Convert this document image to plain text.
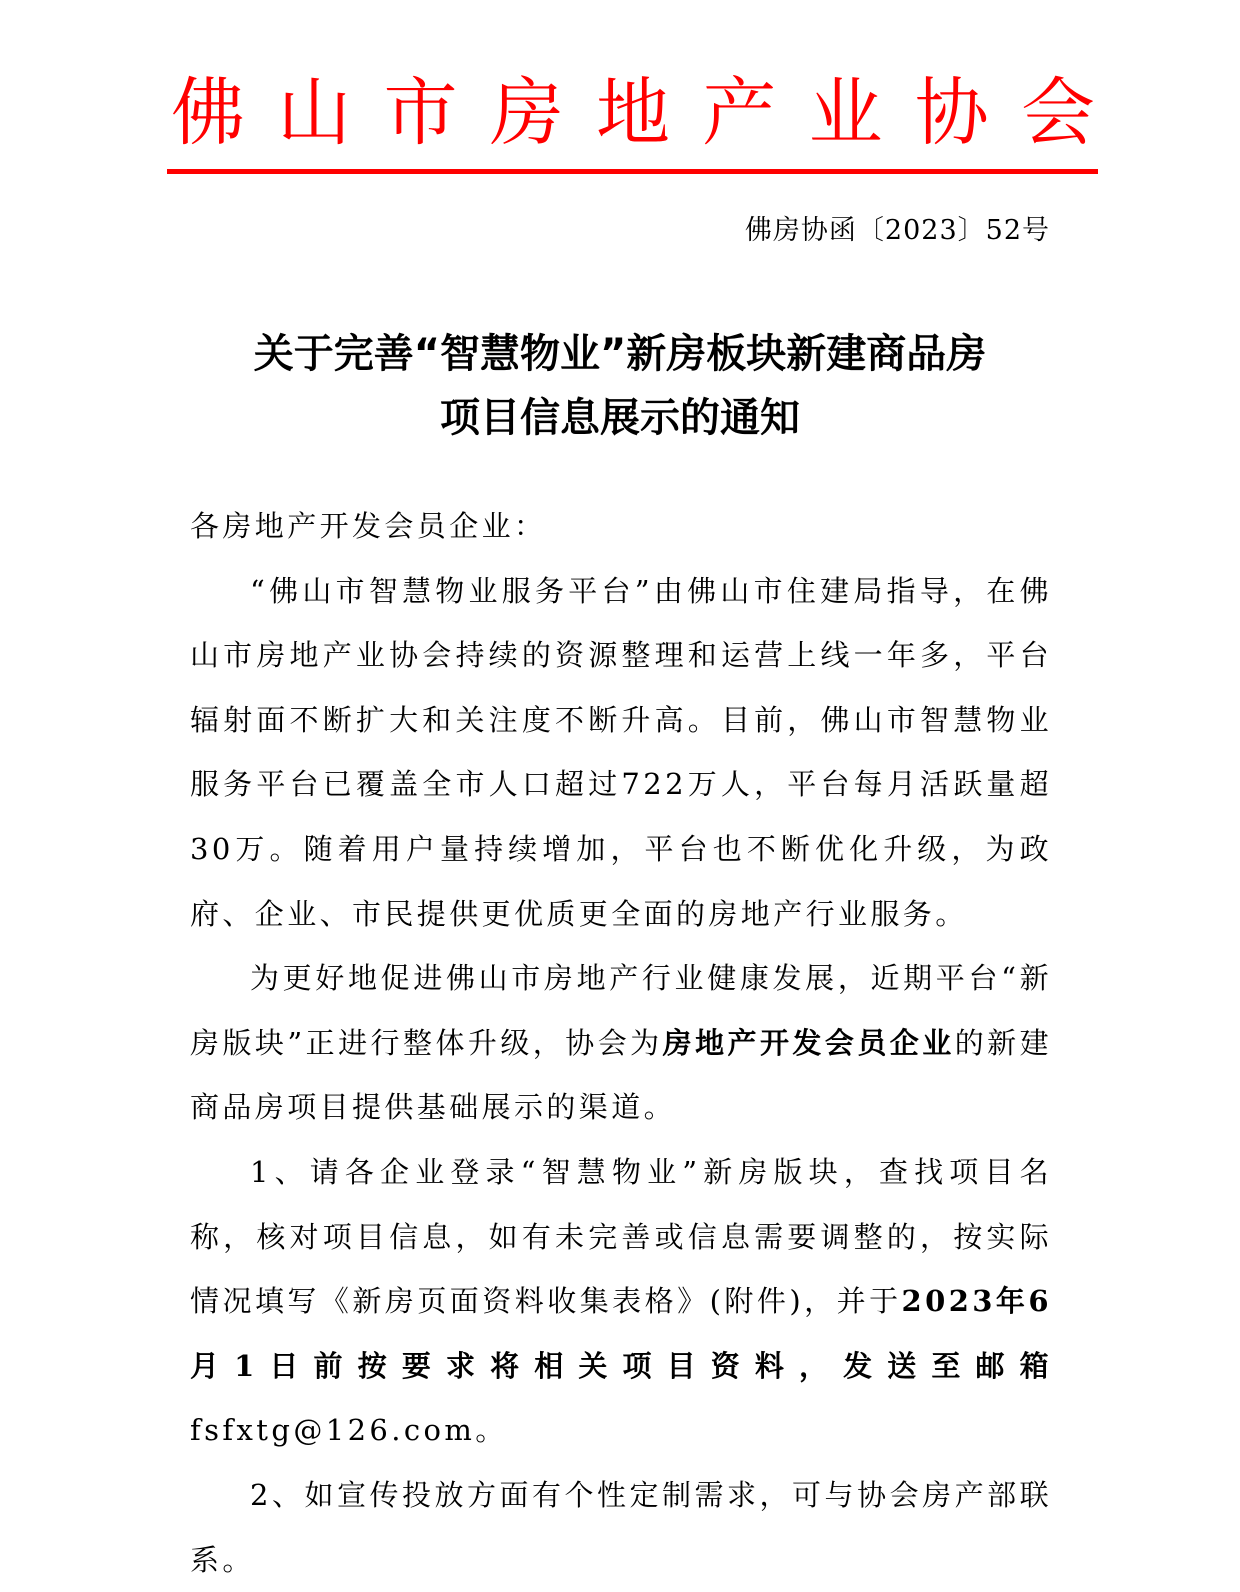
佛 山 市 房 地 产 业 协 会
佛房协函〔2023〕52号
关于完善“智慧物业”新房板块新建商品房
项目信息展示的通知

各房地产开发会员企业：

“佛山市智慧物业服务平台”由佛山市住建局指导，在佛山市房地产业协会持续的资源整理和运营上线一年多，平台辐射面不断扩大和关注度不断升高。目前，佛山市智慧物业服务平台已覆盖全市人口超过722万人，平台每月活跃量超30万。随着用户量持续增加，平台也不断优化升级，为政府、企业、市民提供更优质更全面的房地产行业服务。

为更好地促进佛山市房地产行业健康发展，近期平台“新房版块”正进行整体升级，协会为房地产开发会员企业的新建商品房项目提供基础展示的渠道。

1、请各企业登录“智慧物业”新房版块，查找项目名称，核对项目信息，如有未完善或信息需要调整的，按实际情况填写《新房页面资料收集表格》(附件)，并于2023年6月1日前按要求将相关项目资料，发送至邮箱 fsfxtg@126.com。

2、如宣传投放方面有个性定制需求，可与协会房产部联系。
